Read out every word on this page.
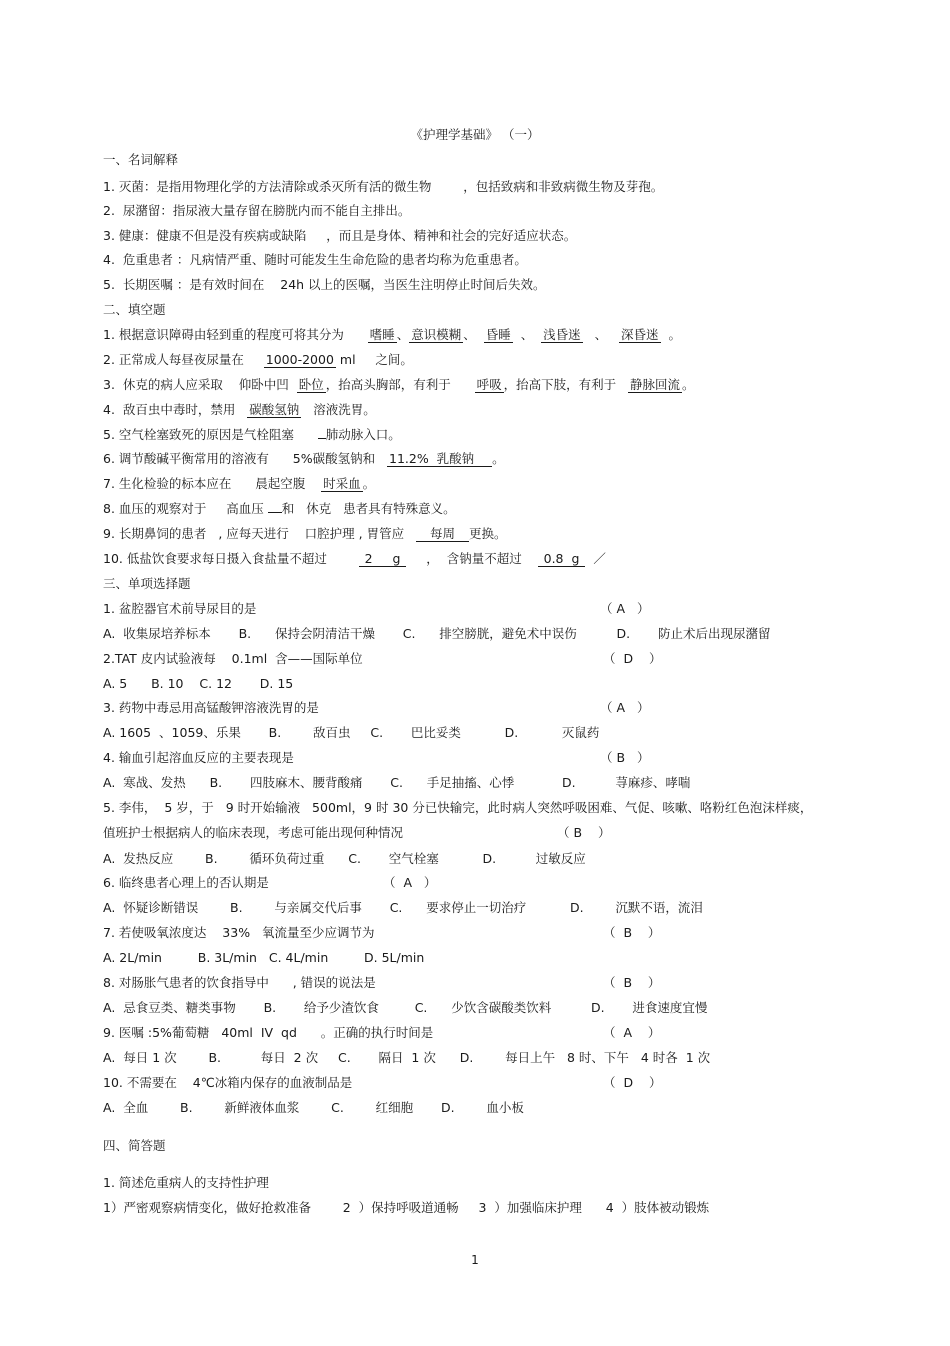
《护理学基础》 （一）
一、名词解释
1. 灭菌：是指用物理化学的方法清除或杀灭所有活的微生物        ，包括致病和非致病微生物及芽孢。
2.  尿潴留：指尿液大量存留在膀胱内而不能自主排出。
3. 健康：健康不但是没有疾病或缺陷     ，而且是身体、精神和社会的完好适应状态。
4.  危重患者 ：凡病情严重、随时可能发生生命危险的患者均称为危重患者。
5.  长期医嘱 ：是有效时间在    24h 以上的医嘱，当医生注明停止时间后失效。
二、填空题
1. 根据意识障碍由轻到重的程度可将其分为      嗜睡 、 意识模糊 、  昏睡  、  浅昏迷   、   深昏迷 。
2. 正常成人每昼夜尿量在     1000-2000 ml     之间。
3.  休克的病人应采取    仰卧中凹  卧位 ，抬高头胸部，有利于      呼吸 ，抬高下肢，有利于   静脉回流 。
4.  敌百虫中毒时，禁用   碳酸氢钠   溶液洗胃。
5. 空气栓塞致死的原因是气栓阻塞      肺动脉入口。
6. 调节酸碱平衡常用的溶液有      5%碳酸氢钠和   11.2%  乳酸钠 。
7. 生化检验的标本应在      晨起空腹    时采血 。
8. 血压的观察对于     高血压 和   休克   患者具有特殊意义。
9. 长期鼻饲的患者   , 应每天进行    口腔护理 , 胃管应   每周 更换。
10. 低盐饮食要求每日摄入食盐量不超过        2     g     ，  含钠量不超过    0.8  g ／
三、单项选择题
1. 盆腔器官术前导尿目的是	（ A   ）
A.  收集尿培养标本       B.      保持会阴清洁干燥       C.      排空膀胱，避免术中误伤          D.       防止术后出现尿潴留
2.TAT 皮内试验液每    0.1ml  含——国际单位	（  D    ）
A. 5      B. 10    C. 12       D. 15
3. 药物中毒忌用高锰酸钾溶液洗胃的是	（ A   ）
A. 1605  、1059、乐果       B.        敌百虫     C.       巴比妥类           D.           灭鼠药
4. 输血引起溶血反应的主要表现是	（ B   ）
A.  寒战、发热      B.       四肢麻木、腰背酸痛       C.      手足抽搐、心悸            D.          荨麻疹、哮喘
5. 李伟，  5 岁，于   9 时开始输液   500ml，9 时 30 分已快输完，此时病人突然呼吸困难、气促、咳嗽、咯粉红色泡沫样痰，
值班护士根据病人的临床表现，考虑可能出现何种情况	（ B    ）
A.  发热反应        B.        循环负荷过重      C.       空气栓塞           D.          过敏反应
6. 临终患者心理上的否认期是	（  A   ）
A.  怀疑诊断错误        B.        与亲属交代后事       C.      要求停止一切治疗           D.        沉默不语，流泪
7. 若使吸氧浓度达    33%   氧流量至少应调节为	（  B    ）
A. 2L/min         B. 3L/min   C. 4L/min         D. 5L/min
8. 对肠胀气患者的饮食指导中      , 错误的说法是	（  B    ）
A.  忌食豆类、糖类事物       B.       给予少渣饮食         C.      少饮含碳酸类饮料          D.       进食速度宜慢
9. 医嘱 :5%葡萄糖   40ml  IV  qd      。正确的执行时间是	（  A    ）
A.  每日 1 次        B.          每日  2 次     C.       隔日  1 次      D.        每日上午   8 时、下午   4 时各  1 次
10. 不需要在    4℃冰箱内保存的血液制品是	（  D    ）
A.  全血        B.        新鲜液体血浆        C.        红细胞       D.        血小板
四、简答题
1. 简述危重病人的支持性护理
1）严密观察病情变化，做好抢救准备        2  ）保持呼吸道通畅     3  ）加强临床护理      4  ）肢体被动锻炼
1
